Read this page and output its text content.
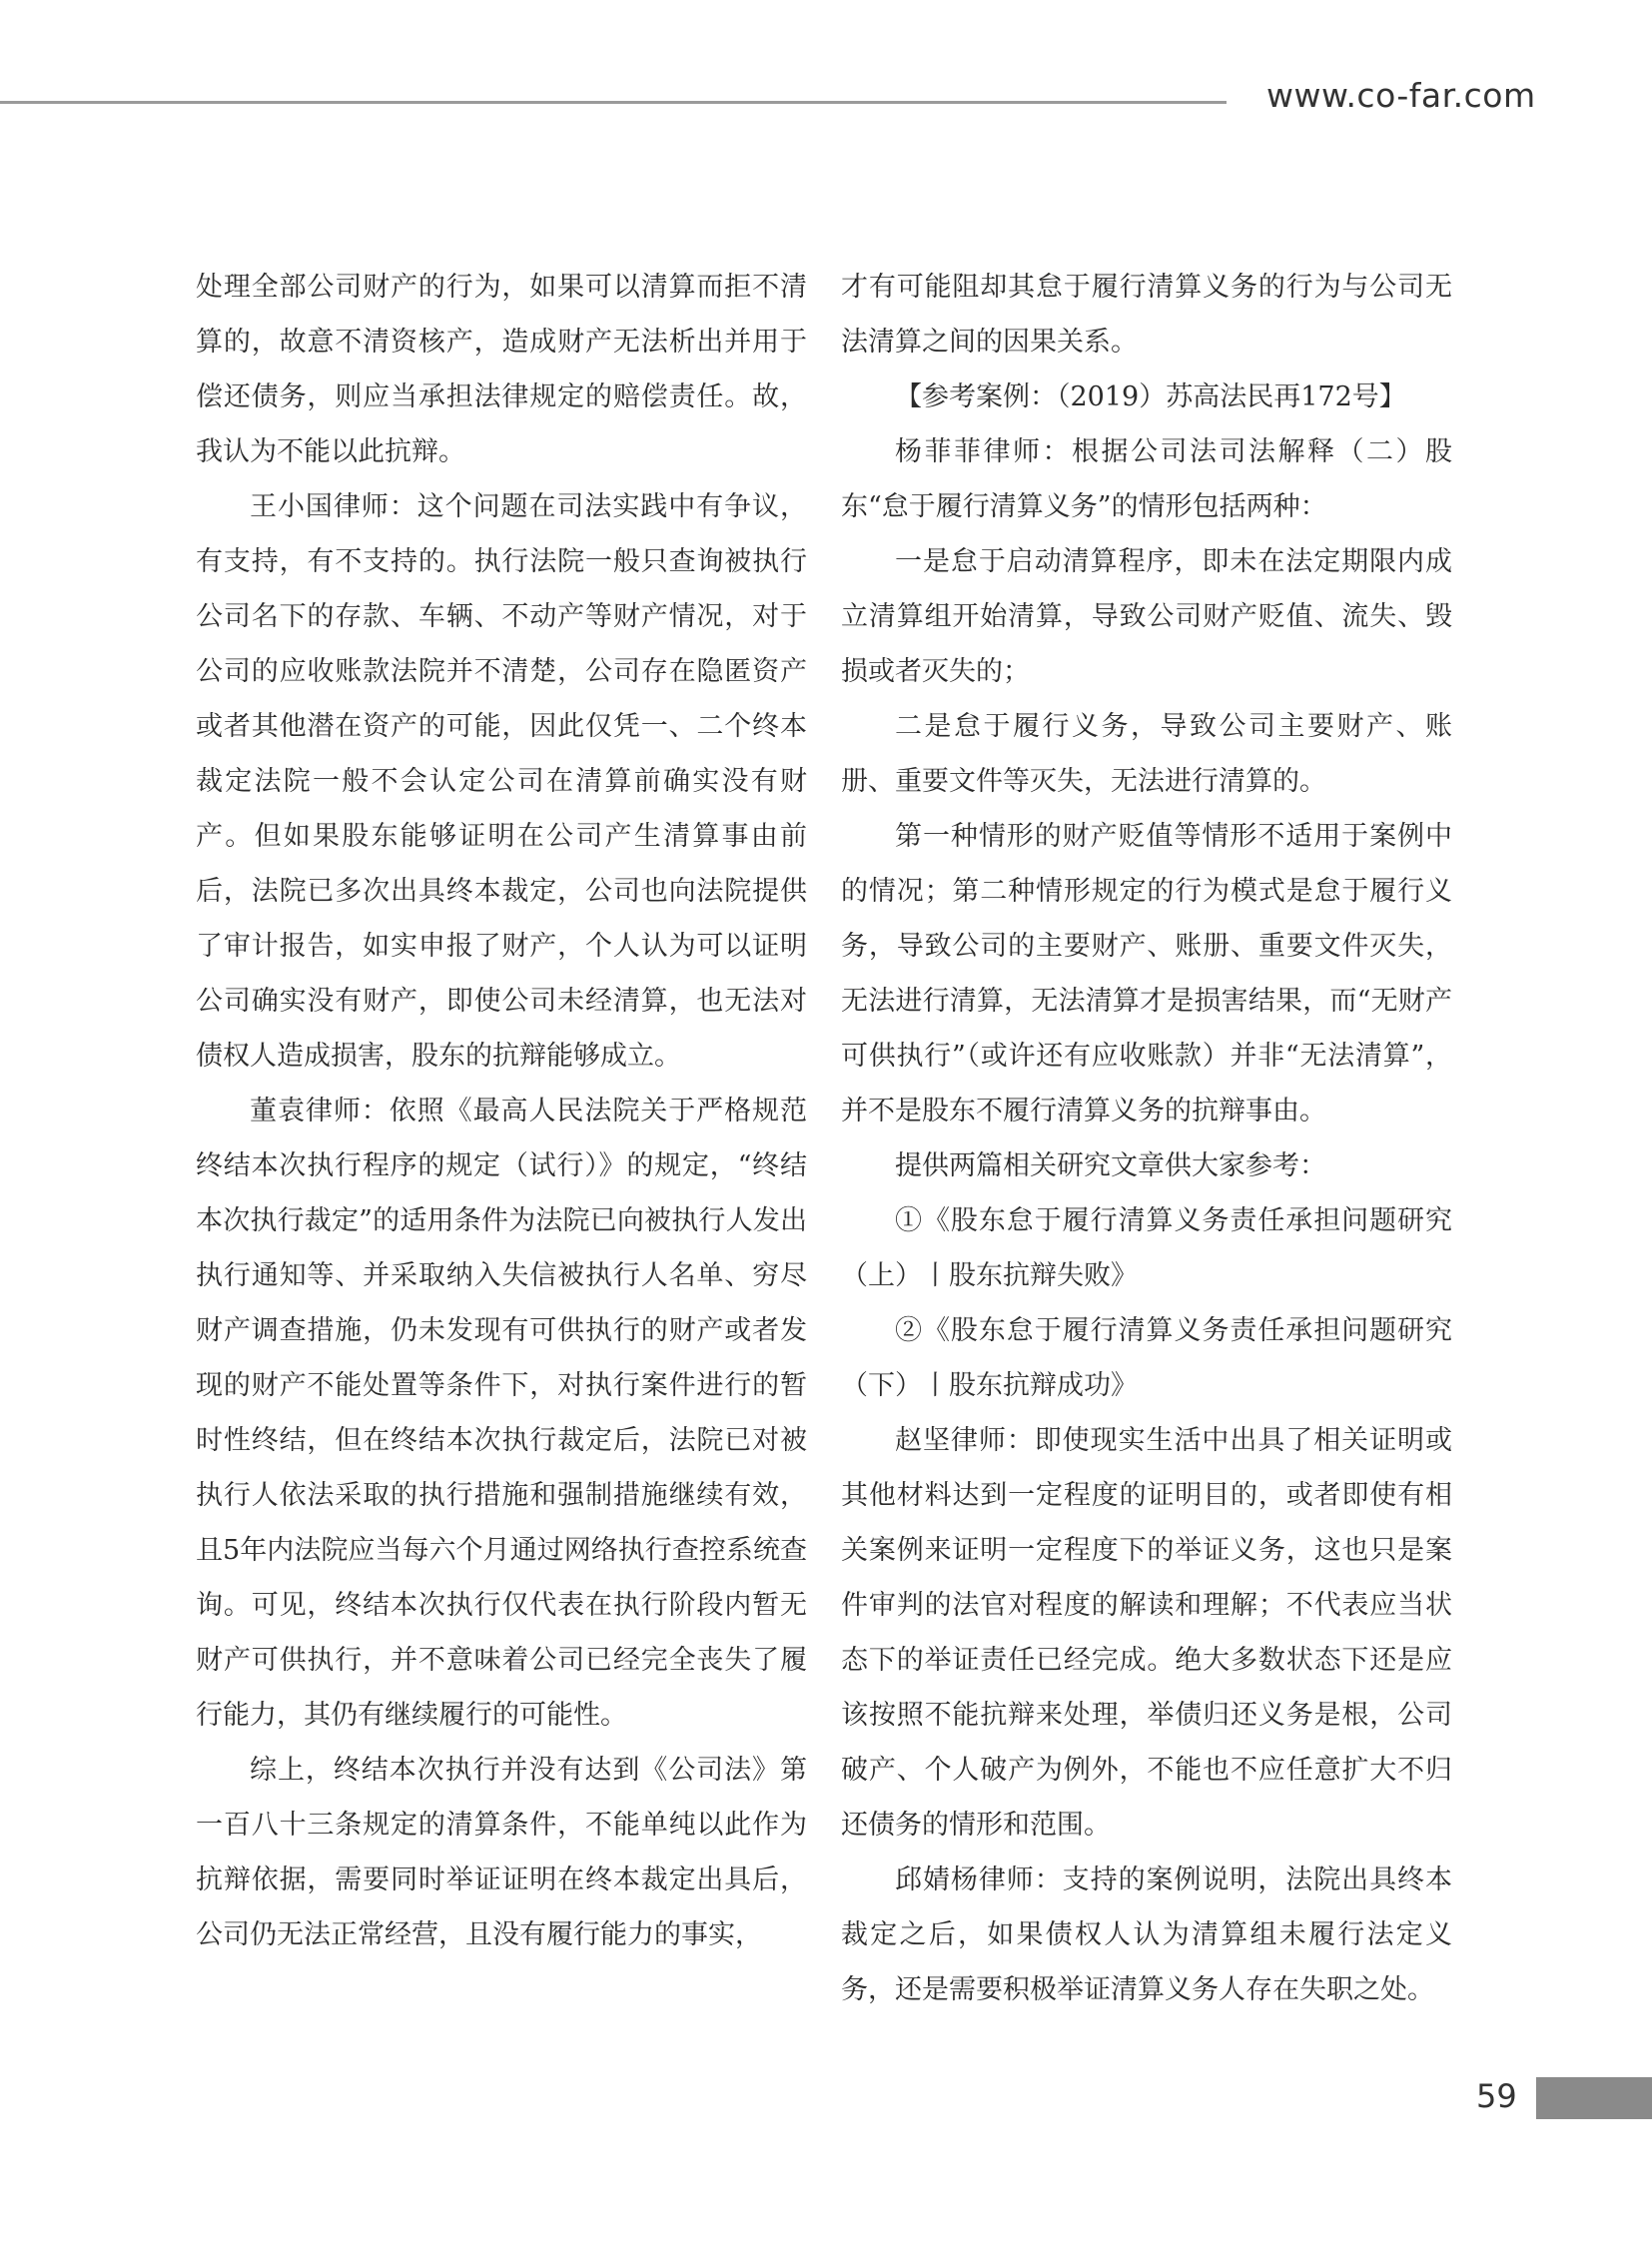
www.co-far.com

处理全部公司财产的行为，如果可以清算而拒不清算的，故意不清资核产，造成财产无法析出并用于偿还债务，则应当承担法律规定的赔偿责任。故，我认为不能以此抗辩。

王小国律师：这个问题在司法实践中有争议，有支持，有不支持的。执行法院一般只查询被执行公司名下的存款、车辆、不动产等财产情况，对于公司的应收账款法院并不清楚，公司存在隐匿资产或者其他潜在资产的可能，因此仅凭一、二个终本裁定法院一般不会认定公司在清算前确实没有财产。但如果股东能够证明在公司产生清算事由前后，法院已多次出具终本裁定，公司也向法院提供了审计报告，如实申报了财产，个人认为可以证明公司确实没有财产，即使公司未经清算，也无法对债权人造成损害，股东的抗辩能够成立。

董袁律师：依照《最高人民法院关于严格规范终结本次执行程序的规定（试行）》的规定，“终结本次执行裁定”的适用条件为法院已向被执行人发出执行通知等、并采取纳入失信被执行人名单、穷尽财产调查措施，仍未发现有可供执行的财产或者发现的财产不能处置等条件下，对执行案件进行的暂时性终结，但在终结本次执行裁定后，法院已对被执行人依法采取的执行措施和强制措施继续有效，且5年内法院应当每六个月通过网络执行查控系统查询。可见，终结本次执行仅代表在执行阶段内暂无财产可供执行，并不意味着公司已经完全丧失了履行能力，其仍有继续履行的可能性。

综上，终结本次执行并没有达到《公司法》第一百八十三条规定的清算条件，不能单纯以此作为抗辩依据，需要同时举证证明在终本裁定出具后，公司仍无法正常经营，且没有履行能力的事实，

才有可能阻却其怠于履行清算义务的行为与公司无法清算之间的因果关系。

【参考案例：（2019）苏高法民再172号】

杨菲菲律师：根据公司法司法解释（二）股东“怠于履行清算义务”的情形包括两种：

一是怠于启动清算程序，即未在法定期限内成立清算组开始清算，导致公司财产贬值、流失、毁损或者灭失的；

二是怠于履行义务，导致公司主要财产、账册、重要文件等灭失，无法进行清算的。

第一种情形的财产贬值等情形不适用于案例中的情况；第二种情形规定的行为模式是怠于履行义务，导致公司的主要财产、账册、重要文件灭失，无法进行清算，无法清算才是损害结果，而“无财产可供执行”（或许还有应收账款）并非“无法清算”，并不是股东不履行清算义务的抗辩事由。

提供两篇相关研究文章供大家参考：

①《股东怠于履行清算义务责任承担问题研究（上）丨股东抗辩失败》

②《股东怠于履行清算义务责任承担问题研究（下）丨股东抗辩成功》

赵坚律师：即使现实生活中出具了相关证明或其他材料达到一定程度的证明目的，或者即使有相关案例来证明一定程度下的举证义务，这也只是案件审判的法官对程度的解读和理解；不代表应当状态下的举证责任已经完成。绝大多数状态下还是应该按照不能抗辩来处理，举债归还义务是根，公司破产、个人破产为例外，不能也不应任意扩大不归还债务的情形和范围。

邱婧杨律师：支持的案例说明，法院出具终本裁定之后，如果债权人认为清算组未履行法定义务，还是需要积极举证清算义务人存在失职之处。

59
